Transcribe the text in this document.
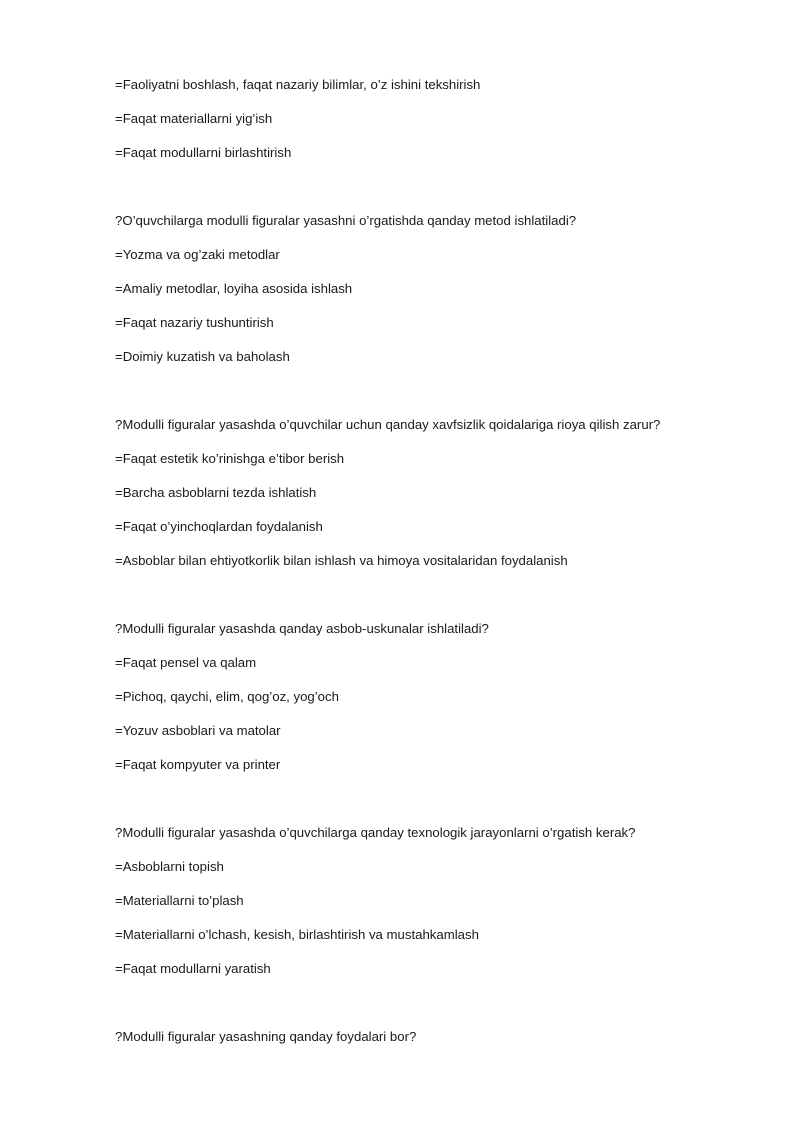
=Faoliyatni boshlash, faqat nazariy bilimlar, o’z ishini tekshirish
=Faqat materiallarni yig’ish
=Faqat modullarni birlashtirish
?O’quvchilarga modulli figuralar yasashni o’rgatishda qanday metod ishlatiladi?
=Yozma va og’zaki metodlar
=Amaliy metodlar, loyiha asosida ishlash
=Faqat nazariy tushuntirish
=Doimiy kuzatish va baholash
?Modulli figuralar yasashda o’quvchilar uchun qanday xavfsizlik qoidalariga rioya qilish zarur?
=Faqat estetik ko’rinishga e’tibor berish
=Barcha asboblarni tezda ishlatish
=Faqat o’yinchoqlardan foydalanish
=Asboblar bilan ehtiyotkorlik bilan ishlash va himoya vositalaridan foydalanish
?Modulli figuralar yasashda qanday asbob-uskunalar ishlatiladi?
=Faqat pensel va qalam
=Pichoq, qaychi, elim, qog’oz, yog’och
=Yozuv asboblari va matolar
=Faqat kompyuter va printer
?Modulli figuralar yasashda o’quvchilarga qanday texnologik jarayonlarni o’rgatish kerak?
=Asboblarni topish
=Materiallarni to’plash
=Materiallarni o’lchash, kesish, birlashtirish va mustahkamlash
=Faqat modullarni yaratish
?Modulli figuralar yasashning qanday foydalari bor?
